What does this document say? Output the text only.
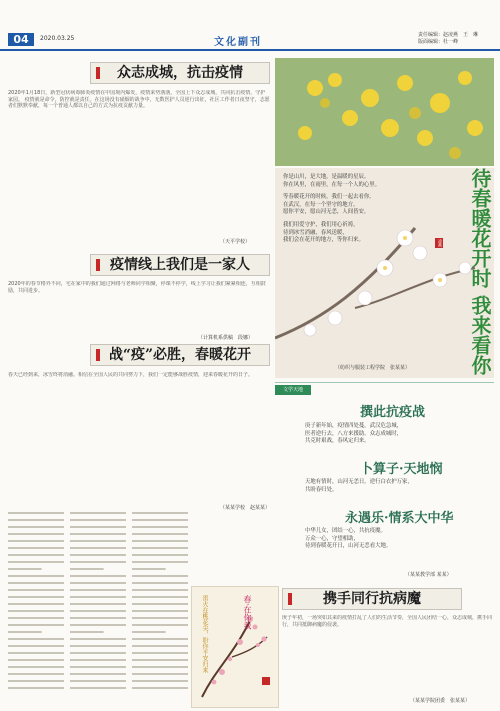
04	2020.03.25	文化副刊
责任编辑：赵凌燕　王　琳
版面编辑：杜一峰
众志成城，抗击疫情
2020年1月18日，新型冠状病毒肺炎疫情在中国境内爆发，疫情来势汹汹，全国上下众志成城，共同抗击疫情，守护家园。 疫情就是命令，防控就是责任。在这场没有硝烟的战争中，无数医护人员逆行出征，社区工作者日夜坚守，志愿者们默默奉献，每一个普通人都以自己的方式为抗疫贡献力量。
（天平学校）
疫情线上我们是一家人
2020年的春节格外不同，宅在家中的我们通过网络与老师同学相聚，停课不停学，线上学习让我们紧紧相连，互相鼓励，共同进步。
（计算机系供稿　段娜）
战“疫”必胜，春暖花开
春天已经到来，冰雪终将消融。相信在全国人民的共同努力下，我们一定能够战胜疫情，迎来春暖花开的日子。
（某某学校　赵某某）
雷火在桃花尖，盼你平安归来	春·在你我
待春暖花开时 我来看你
凌燕
你是山川，是大地，是温暖的星辰。
你在风里，在雨里，在每一个人的心里。
等春暖花开的时候，我们一起去看你。
在武汉，在每一个坚守的地方，
愿你平安，愿山河无恙，人间皆安。
我们用爱守护，我们用心祈祷，
待到冰雪消融，春风送暖，
我们会在花开的地方，等你归来。
（纺织与服装工程学院　张某某）
文学天地
撰此抗疫战
庚子新年始，疫情四处蔓。武汉危急城，
医者逆行去，八方来援助。众志成城时，
共克时艰战，春风定归来。
卜算子·天地悯
天地有情时，山河无恙日。逆行白衣护万家，
共盼春归处。
永遇乐·情系大中华
中华儿女，团结一心，共抗疫魔。
万众一心，守望相助，
待到春暖花开日，山河无恙看大地。
（某某教学部 某某）
携手同行抗病魔
庚子年初，一场突如其来的疫情打乱了人们的生活节奏，全国人民团结一心，众志成城，携手同行，共同抵御病魔的侵袭。
（某某学院团委　张某某）
